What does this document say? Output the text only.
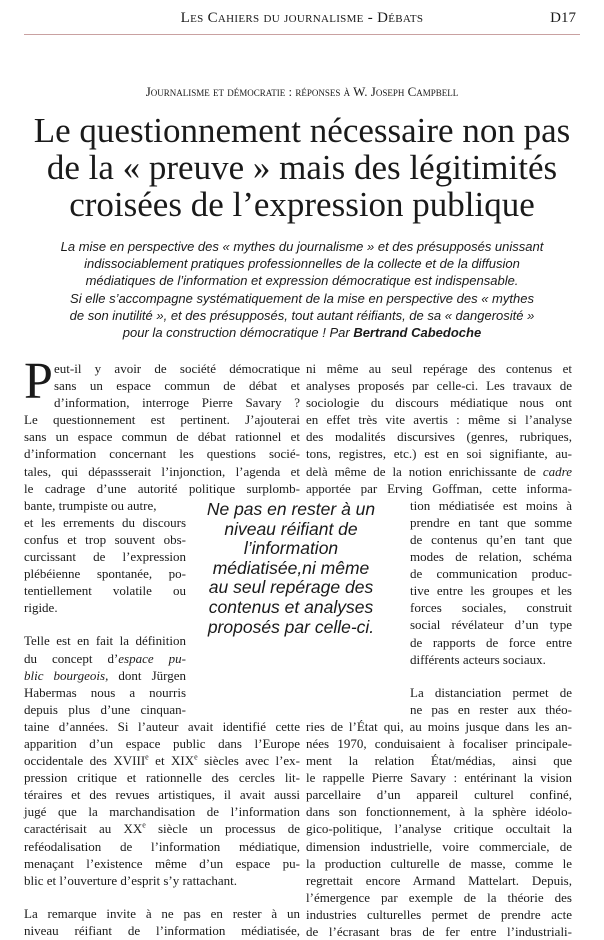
Les Cahiers du journalisme - Débats	D17
Journalisme et démocratie : réponses à W. Joseph Campbell
Le questionnement nécessaire non pas de la « preuve » mais des légitimités croisées de l’expression publique

La mise en perspective des « mythes du journalisme » et des présupposés unissant
indissociablement pratiques professionnelles de la collecte et de la diffusion
médiatiques de l’information et expression démocratique est indispensable.
Si elle s’accompagne systématiquement de la mise en perspective des « mythes
de son inutilité », et des présupposés, tout autant réifiants, de sa « dangerosité »
pour la construction démocratique ! Par Bertrand Cabedoche

P eut-il y avoir de société démocratique
sans un espace commun de débat et
d’information, interroge Pierre Savary ?
Le questionnement est pertinent. J’ajouterai
sans un espace commun de débat rationnel et
d’information concernant les questions socié-
tales, qui dépassserait l’injonction, l’agenda et
le cadrage d’une autorité politique surplomb-
bante, trumpiste ou autre,
et les errements du discours
confus et trop souvent obs-
curcissant de l’expression
plébéienne spontanée, po-
tentiellement volatile ou
rigide.
Telle est en fait la définition
du concept d’espace pu-
blic bourgeois, dont Jürgen
Habermas nous a nourris
depuis plus d’une cinquan-
taine d’années. Si l’auteur avait identifié cette
apparition d’un espace public dans l’Europe
occidentale des XVIIIe et XIXe siècles avec l’ex-
pression critique et rationnelle des cercles lit-
téraires et des revues artistiques, il avait aussi
jugé que la marchandisation de l’information
caractérisait au XXe siècle un processus de
reféodalisation de l’information médiatique,
menaçant l’existence même d’un espace pu-
blic et l’ouverture d’esprit s’y rattachant.
La remarque invite à ne pas en rester à un
niveau réifiant de l’information médiatisée,

Ne pas en rester à un niveau réifiant de l’information médiatisée,ni même au seul repérage des contenus et analyses proposés par celle-ci.

ni même au seul repérage des contenus et
analyses proposés par celle-ci. Les travaux de
sociologie du discours médiatique nous ont
en effet très vite avertis : même si l’analyse
des modalités discursives (genres, rubriques,
tons, registres, etc.) est en soi signifiante, au-
delà même de la notion enrichissante de cadre
apportée par Erving Goffman, cette informa-
tion médiatisée est moins à
prendre en tant que somme
de contenus qu’en tant que
modes de relation, schéma
de communication produc-
tive entre les groupes et les
forces sociales, construit
social révélateur d’un type
de rapports de force entre
différents acteurs sociaux.
La distanciation permet de
ne pas en rester aux théo-
ries de l’État qui, au moins jusque dans les an-
nées 1970, conduisaient à focaliser principale-
ment la relation État/médias, ainsi que
le rappelle Pierre Savary : entérinant la vision
parcellaire d’un appareil culturel confiné,
dans son fonctionnement, à la sphère idéolo-
gico-politique, l’analyse critique occultait la
dimension industrielle, voire commerciale, de
la production culturelle de masse, comme le
regrettait encore Armand Mattelart. Depuis,
l’émergence par exemple de la théorie des
industries culturelles permet de prendre acte
de l’écrasant bras de fer entre l’industriali-
